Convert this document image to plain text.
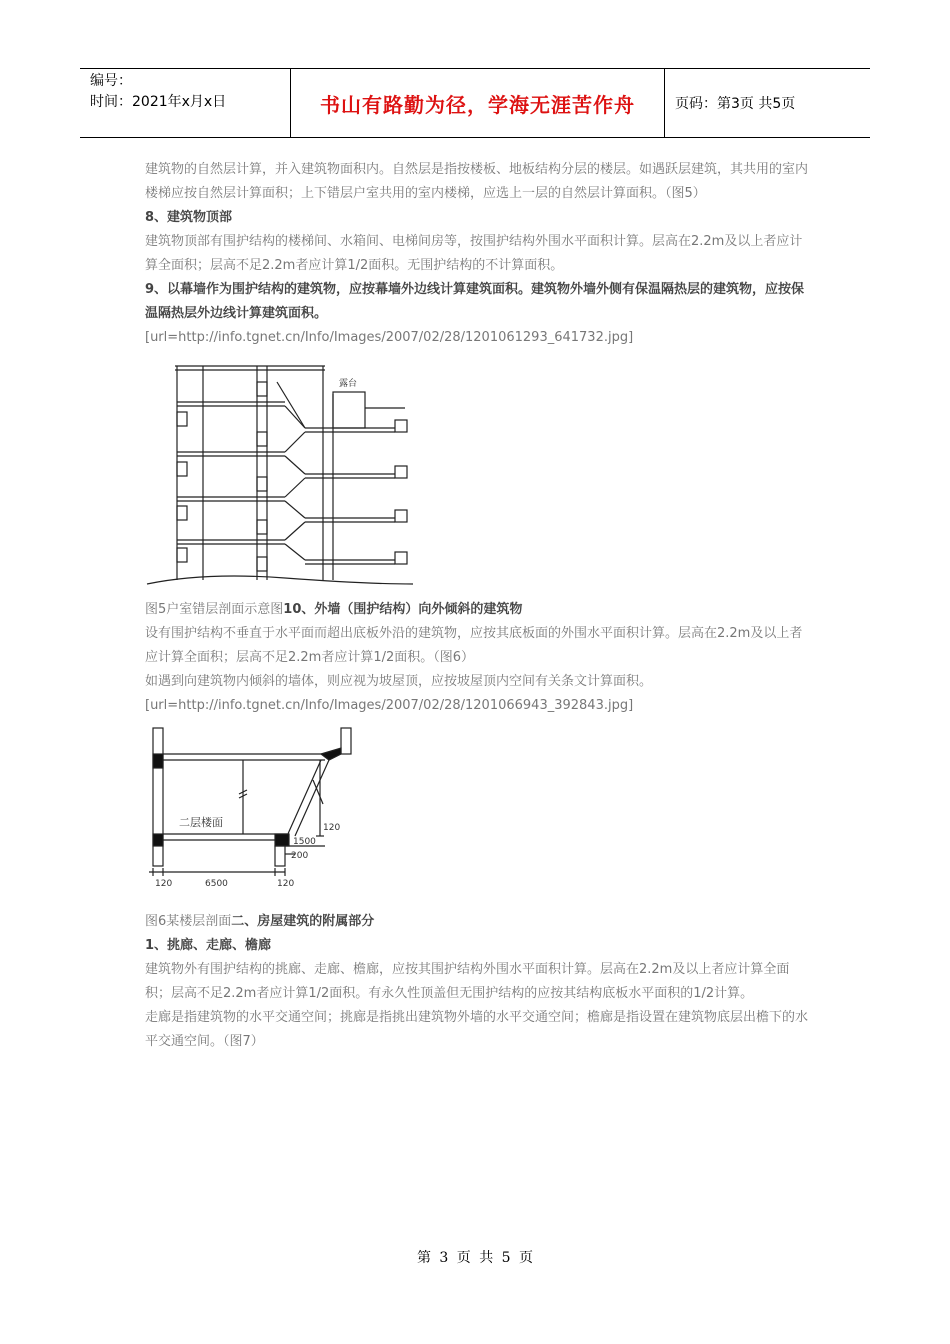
编号：
时间：2021年x月x日	书山有路勤为径，学海无涯苦作舟	页码：第3页 共5页

建筑物的自然层计算，并入建筑物面积内。自然层是指按楼板、地板结构分层的楼层。如遇跃层建筑，其共用的室内楼梯应按自然层计算面积；上下错层户室共用的室内楼梯，应选上一层的自然层计算面积。（图5）

8、建筑物顶部

建筑物顶部有围护结构的楼梯间、水箱间、电梯间房等，按围护结构外围水平面积计算。层高在2.2m及以上者应计算全面积；层高不足2.2m者应计算1/2面积。无围护结构的不计算面积。

9、以幕墙作为围护结构的建筑物，应按幕墙外边线计算建筑面积。建筑物外墙外侧有保温隔热层的建筑物，应按保温隔热层外边线计算建筑面积。

[url=http://info.tgnet.cn/Info/Images/2007/02/28/1201061293_641732.jpg]

露台

图5户室错层剖面示意图10、外墙（围护结构）向外倾斜的建筑物

设有围护结构不垂直于水平面而超出底板外沿的建筑物，应按其底板面的外围水平面积计算。层高在2.2m及以上者应计算全面积；层高不足2.2m者应计算1/2面积。（图6）

如遇到向建筑物内倾斜的墙体，则应视为坡屋顶，应按坡屋顶内空间有关条文计算面积。

[url=http://info.tgnet.cn/Info/Images/2007/02/28/1201066943_392843.jpg]

二层楼面
120	6500	120
1500
200
120

图6某楼层剖面二、房屋建筑的附属部分

1、挑廊、走廊、檐廊

建筑物外有围护结构的挑廊、走廊、檐廊，应按其围护结构外围水平面积计算。层高在2.2m及以上者应计算全面积；层高不足2.2m者应计算1/2面积。有永久性顶盖但无围护结构的应按其结构底板水平面积的1/2计算。

走廊是指建筑物的水平交通空间；挑廊是指挑出建筑物外墙的水平交通空间；檐廊是指设置在建筑物底层出檐下的水平交通空间。（图7）

第 3 页 共 5 页
